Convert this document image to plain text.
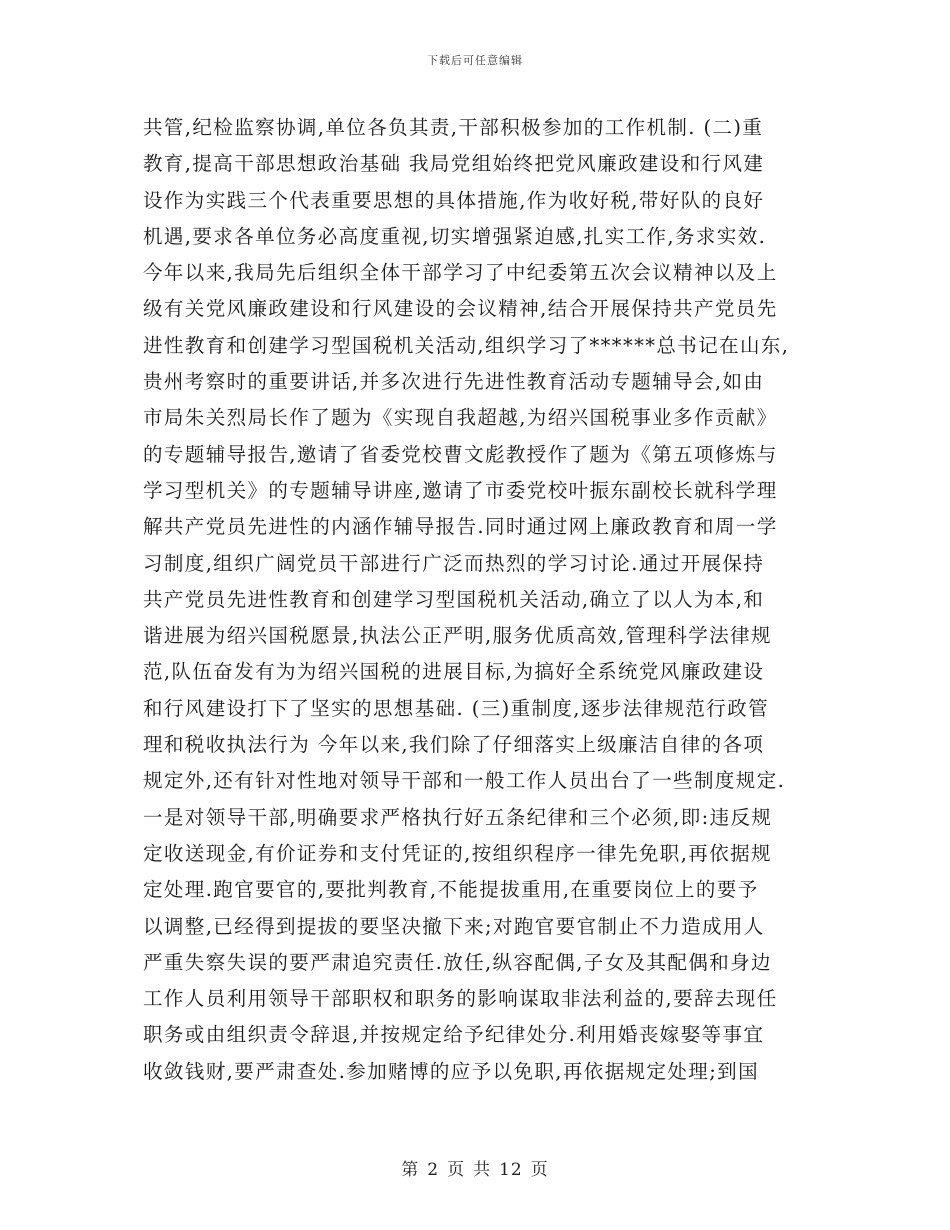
下载后可任意编辑
共管,纪检监察协调,单位各负其责,干部积极参加的工作机制. (二)重
教育,提高干部思想政治基础 我局党组始终把党风廉政建设和行风建
设作为实践三个代表重要思想的具体措施,作为收好税,带好队的良好
机遇,要求各单位务必高度重视,切实增强紧迫感,扎实工作,务求实效.
今年以来,我局先后组织全体干部学习了中纪委第五次会议精神以及上
级有关党风廉政建设和行风建设的会议精神,结合开展保持共产党员先
进性教育和创建学习型国税机关活动,组织学习了******总书记在山东,
贵州考察时的重要讲话,并多次进行先进性教育活动专题辅导会,如由
市局朱关烈局长作了题为《实现自我超越,为绍兴国税事业多作贡献》
的专题辅导报告,邀请了省委党校曹文彪教授作了题为《第五项修炼与
学习型机关》的专题辅导讲座,邀请了市委党校叶振东副校长就科学理
解共产党员先进性的内涵作辅导报告.同时通过网上廉政教育和周一学
习制度,组织广阔党员干部进行广泛而热烈的学习讨论.通过开展保持
共产党员先进性教育和创建学习型国税机关活动,确立了以人为本,和
谐进展为绍兴国税愿景,执法公正严明,服务优质高效,管理科学法律规
范,队伍奋发有为为绍兴国税的进展目标,为搞好全系统党风廉政建设
和行风建设打下了坚实的思想基础. (三)重制度,逐步法律规范行政管
理和税收执法行为 今年以来,我们除了仔细落实上级廉洁自律的各项
规定外,还有针对性地对领导干部和一般工作人员出台了一些制度规定.
一是对领导干部,明确要求严格执行好五条纪律和三个必须,即:违反规
定收送现金,有价证券和支付凭证的,按组织程序一律先免职,再依据规
定处理.跑官要官的,要批判教育,不能提拔重用,在重要岗位上的要予
以调整,已经得到提拔的要坚决撤下来;对跑官要官制止不力造成用人
严重失察失误的要严肃追究责任.放任,纵容配偶,子女及其配偶和身边
工作人员利用领导干部职权和职务的影响谋取非法利益的,要辞去现任
职务或由组织责令辞退,并按规定给予纪律处分.利用婚丧嫁娶等事宜
收敛钱财,要严肃查处.参加赌博的应予以免职,再依据规定处理;到国
第 2 页 共 12 页
